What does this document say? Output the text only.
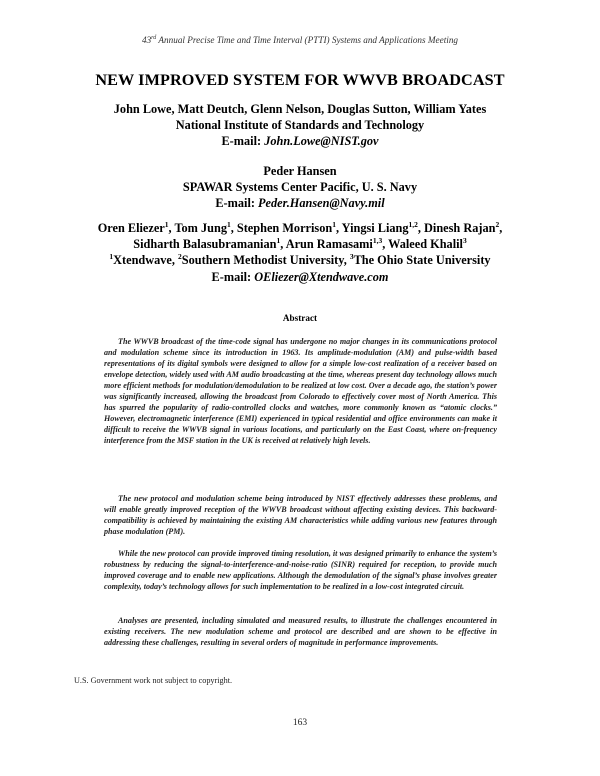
43rd Annual Precise Time and Time Interval (PTTI) Systems and Applications Meeting
NEW IMPROVED SYSTEM FOR WWVB BROADCAST
John Lowe, Matt Deutch, Glenn Nelson, Douglas Sutton, William Yates
National Institute of Standards and Technology
E-mail: John.Lowe@NIST.gov
Peder Hansen
SPAWAR Systems Center Pacific, U. S. Navy
E-mail: Peder.Hansen@Navy.mil
Oren Eliezer$^1$, Tom Jung$^1$, Stephen Morrison$^1$, Yingsi Liang$^{1,2}$, Dinesh Rajan$^2$,
Sidharth Balasubramanian$^1$, Arun Ramasami$^{1,3}$, Waleed Khalil$^3$
$^1$Xtendwave, $^2$Southern Methodist University, $^3$The Ohio State University
E-mail: OEliezer@Xtendwave.com
Abstract

The WWVB broadcast of the time-code signal has undergone no major changes in its communications protocol and modulation scheme since its introduction in 1963. Its amplitude-modulation (AM) and pulse-width based representations of its digital symbols were designed to allow for a simple low-cost realization of a receiver based on envelope detection, widely used with AM audio broadcasting at the time, whereas present day technology allows much more efficient methods for modulation/demodulation to be realized at low cost. Over a decade ago, the station’s power was significantly increased, allowing the broadcast from Colorado to effectively cover most of North America. This has spurred the popularity of radio-controlled clocks and watches, more commonly known as “atomic clocks.” However, electromagnetic interference (EMI) experienced in typical residential and office environments can make it difficult to receive the WWVB signal in various locations, and particularly on the East Coast, where on-frequency interference from the MSF station in the UK is received at relatively high levels.

The new protocol and modulation scheme being introduced by NIST effectively addresses these problems, and will enable greatly improved reception of the WWVB broadcast without affecting existing devices. This backward-compatibility is achieved by maintaining the existing AM characteristics while adding various new features through phase modulation (PM).

While the new protocol can provide improved timing resolution, it was designed primarily to enhance the system’s robustness by reducing the signal-to-interference-and-noise-ratio (SINR) required for reception, to provide much improved coverage and to enable new applications. Although the demodulation of the signal’s phase involves greater complexity, today’s technology allows for such implementation to be realized in a low-cost integrated circuit.

Analyses are presented, including simulated and measured results, to illustrate the challenges encountered in existing receivers. The new modulation scheme and protocol are described and are shown to be effective in addressing these challenges, resulting in several orders of magnitude in performance improvements.

U.S. Government work not subject to copyright.
163
